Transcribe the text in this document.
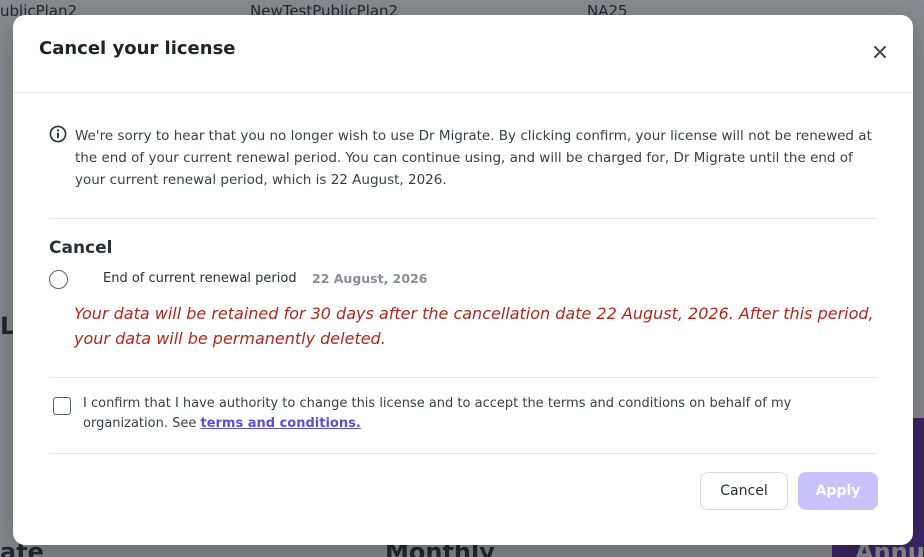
Cancel your license
We're sorry to hear that you no longer wish to use Dr Migrate. By clicking confirm, your license will not be renewed at the end of your current renewal period. You can continue using, and will be charged for, Dr Migrate until the end of your current renewal period, which is 22 August, 2026.
Cancel
End of current renewal period 22 August, 2026
Your data will be retained for 30 days after the cancellation date 22 August, 2026. After this period, your data will be permanently deleted.
I confirm that I have authority to change this license and to accept the terms and conditions on behalf of my organization. See terms and conditions.
Cancel	Apply
